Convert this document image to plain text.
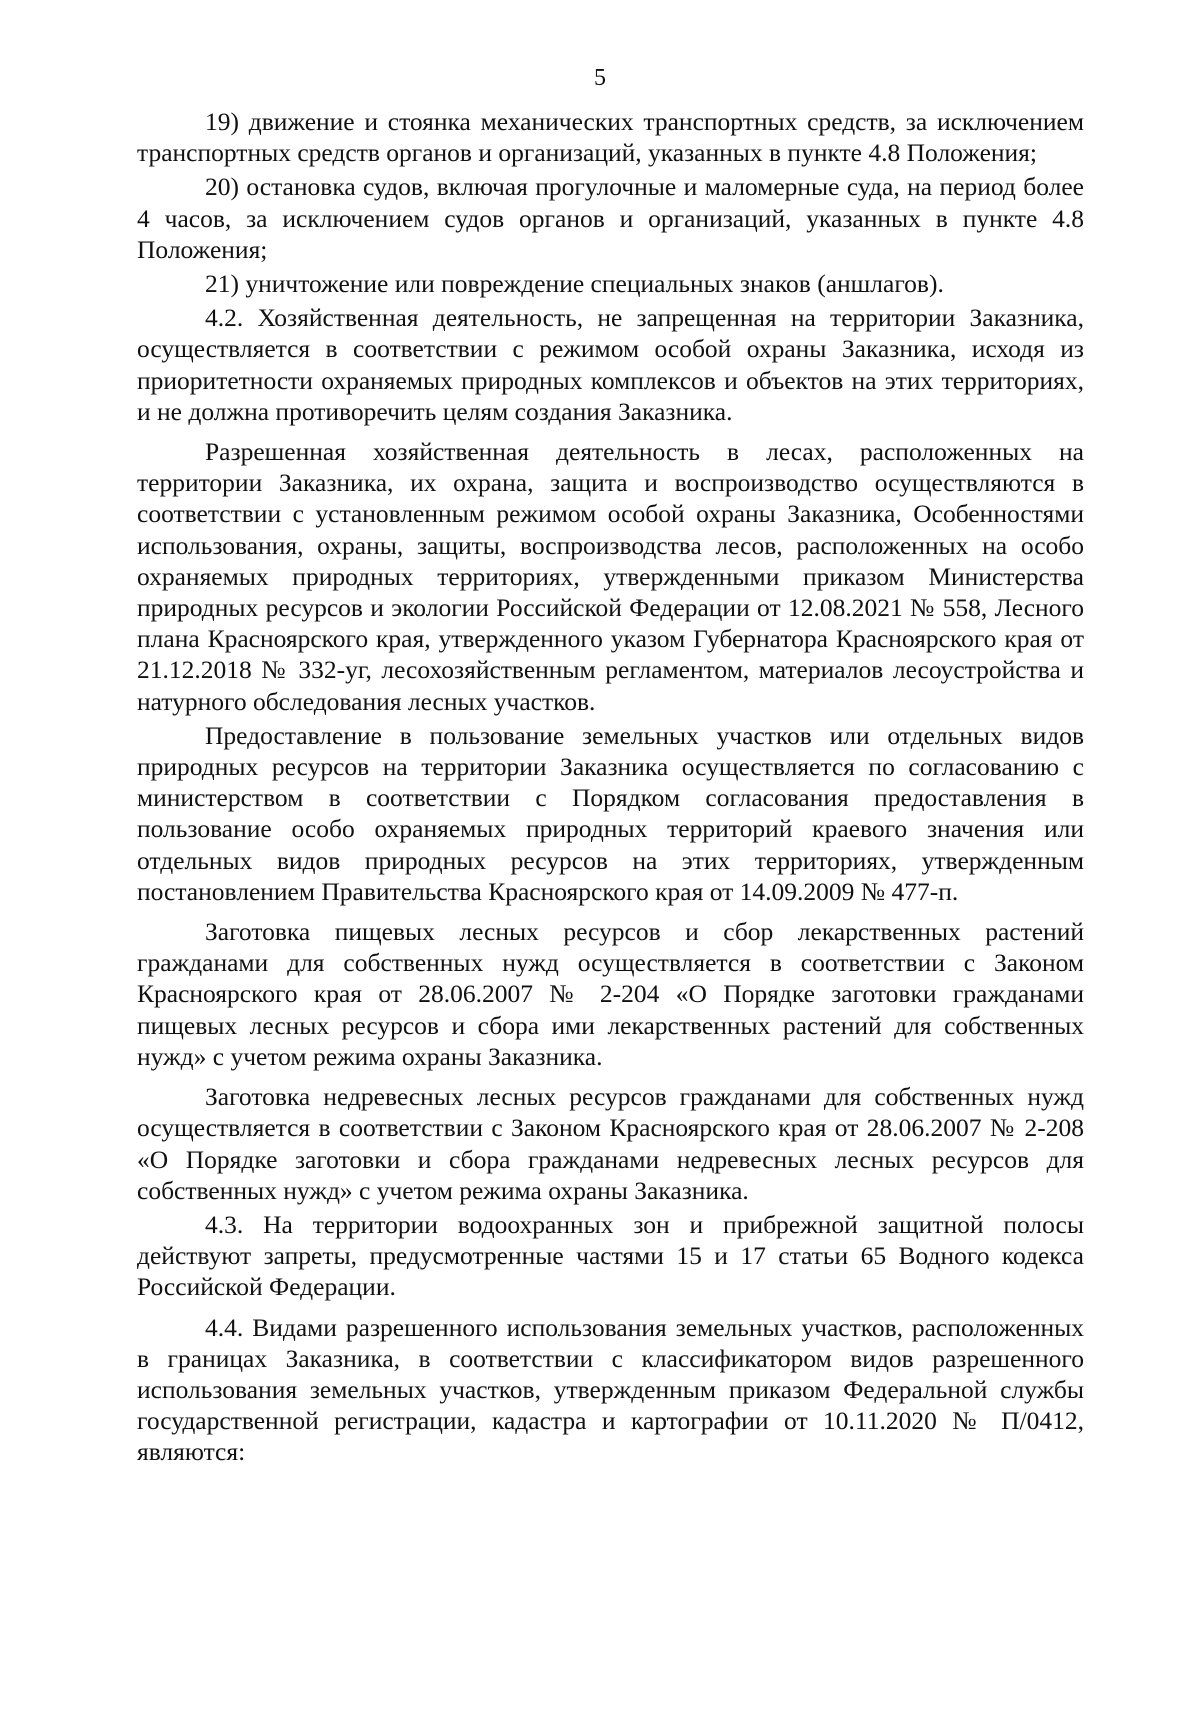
5

19) движение и стоянка механических транспортных средств, за исключением транспортных средств органов и организаций, указанных в пункте 4.8 Положения;

20) остановка судов, включая прогулочные и маломерные суда, на период более 4 часов, за исключением судов органов и организаций, указанных в пункте 4.8 Положения;

21) уничтожение или повреждение специальных знаков (аншлагов).

4.2. Хозяйственная деятельность, не запрещенная на территории Заказника, осуществляется в соответствии с режимом особой охраны Заказника, исходя из приоритетности охраняемых природных комплексов и объектов на этих территориях, и не должна противоречить целям создания Заказника.

Разрешенная хозяйственная деятельность в лесах, расположенных на территории Заказника, их охрана, защита и воспроизводство осуществляются в соответствии с установленным режимом особой охраны Заказника, Особенностями использования, охраны, защиты, воспроизводства лесов, расположенных на особо охраняемых природных территориях, утвержденными приказом Министерства природных ресурсов и экологии Российской Федерации от 12.08.2021 № 558, Лесного плана Красноярского края, утвержденного указом Губернатора Красноярского края от 21.12.2018 № 332-уг, лесохозяйственным регламентом, материалов лесоустройства и натурного обследования лесных участков.

Предоставление в пользование земельных участков или отдельных видов природных ресурсов на территории Заказника осуществляется по согласованию с министерством в соответствии с Порядком согласования предоставления в пользование особо охраняемых природных территорий краевого значения или отдельных видов природных ресурсов на этих территориях, утвержденным постановлением Правительства Красноярского края от 14.09.2009 № 477-п.

Заготовка пищевых лесных ресурсов и сбор лекарственных растений гражданами для собственных нужд осуществляется в соответствии с Законом Красноярского края от 28.06.2007 № 2-204 «О Порядке заготовки гражданами пищевых лесных ресурсов и сбора ими лекарственных растений для собственных нужд» с учетом режима охраны Заказника.

Заготовка недревесных лесных ресурсов гражданами для собственных нужд осуществляется в соответствии с Законом Красноярского края от 28.06.2007 № 2-208 «О Порядке заготовки и сбора гражданами недревесных лесных ресурсов для собственных нужд» с учетом режима охраны Заказника.

4.3. На территории водоохранных зон и прибрежной защитной полосы действуют запреты, предусмотренные частями 15 и 17 статьи 65 Водного кодекса Российской Федерации.

4.4. Видами разрешенного использования земельных участков, расположенных в границах Заказника, в соответствии с классификатором видов разрешенного использования земельных участков, утвержденным приказом Федеральной службы государственной регистрации, кадастра и картографии от 10.11.2020 № П/0412, являются:
